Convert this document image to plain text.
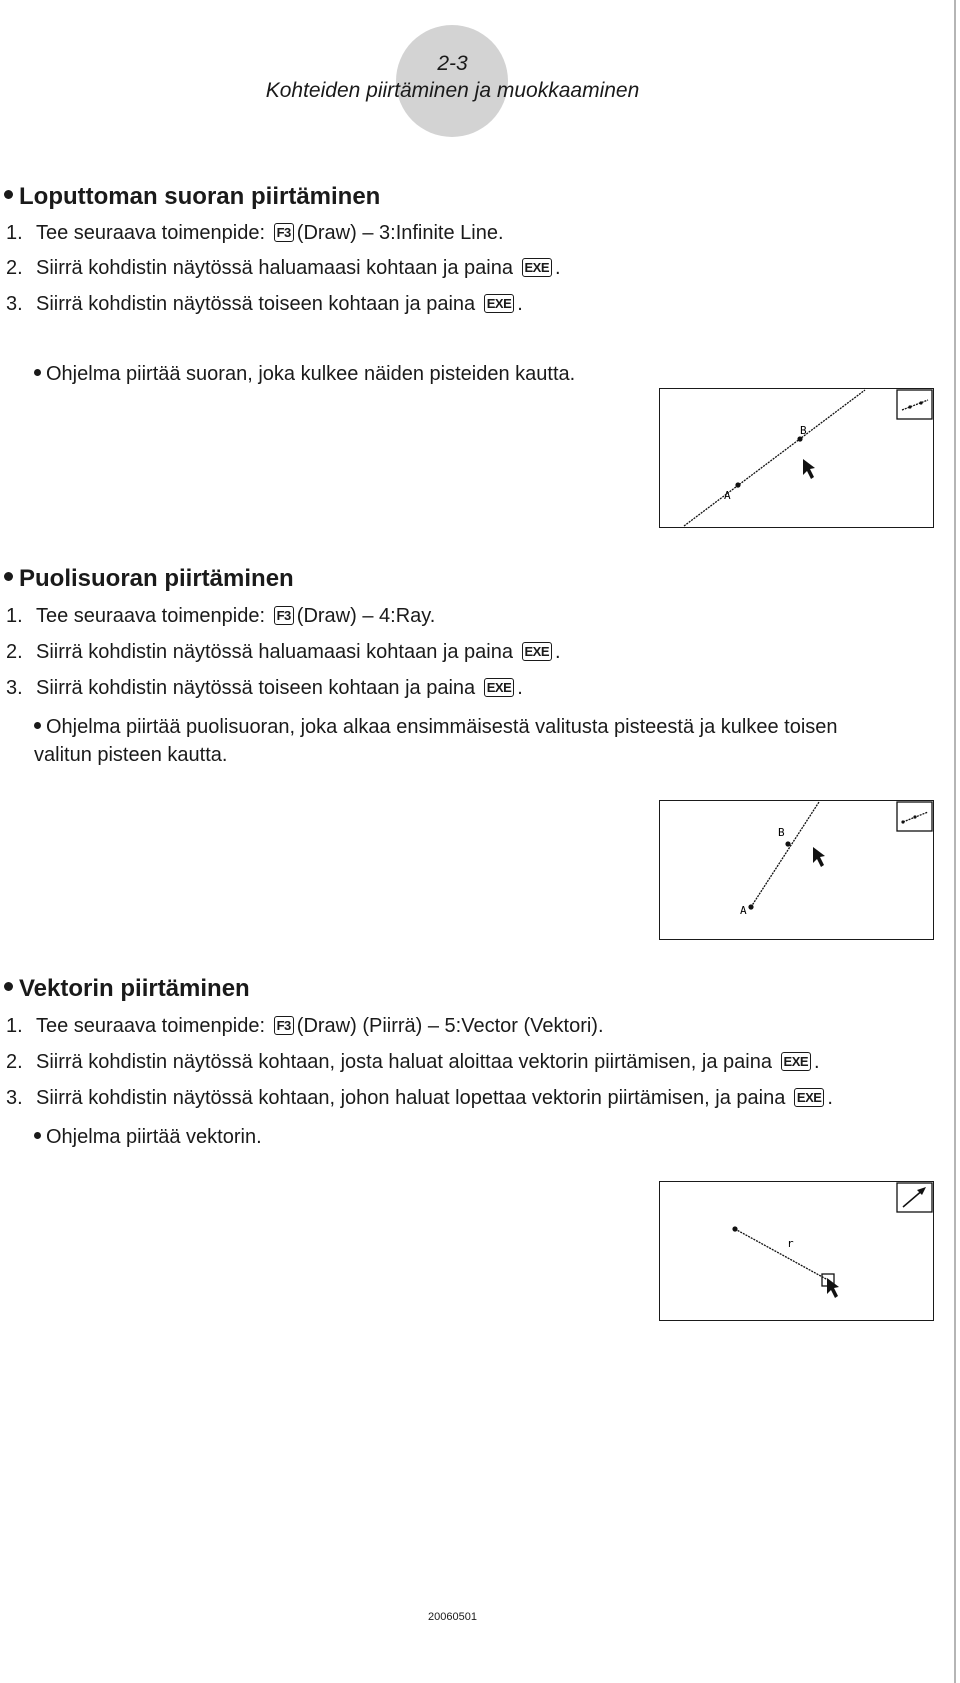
2-3
Kohteiden piirtäminen ja muokkaaminen
Loputtoman suoran piirtäminen
1. Tee seuraava toimenpide: F3 (Draw) – 3:Infinite Line.
2. Siirrä kohdistin näytössä haluamaasi kohtaan ja paina EXE .
3. Siirrä kohdistin näytössä toiseen kohtaan ja paina EXE .
Ohjelma piirtää suoran, joka kulkee näiden pisteiden kautta.
A
B
Puolisuoran piirtäminen
1. Tee seuraava toimenpide: F3 (Draw) – 4:Ray.
2. Siirrä kohdistin näytössä haluamaasi kohtaan ja paina EXE .
3. Siirrä kohdistin näytössä toiseen kohtaan ja paina EXE .
Ohjelma piirtää puolisuoran, joka alkaa ensimmäisestä valitusta pisteestä ja kulkee toisen valitun pisteen kautta.
A
B
Vektorin piirtäminen
1. Tee seuraava toimenpide: F3 (Draw) (Piirrä) – 5:Vector (Vektori).
2. Siirrä kohdistin näytössä kohtaan, josta haluat aloittaa vektorin piirtämisen, ja paina EXE .
3. Siirrä kohdistin näytössä kohtaan, johon haluat lopettaa vektorin piirtämisen, ja paina EXE .
Ohjelma piirtää vektorin.
r
20060501
